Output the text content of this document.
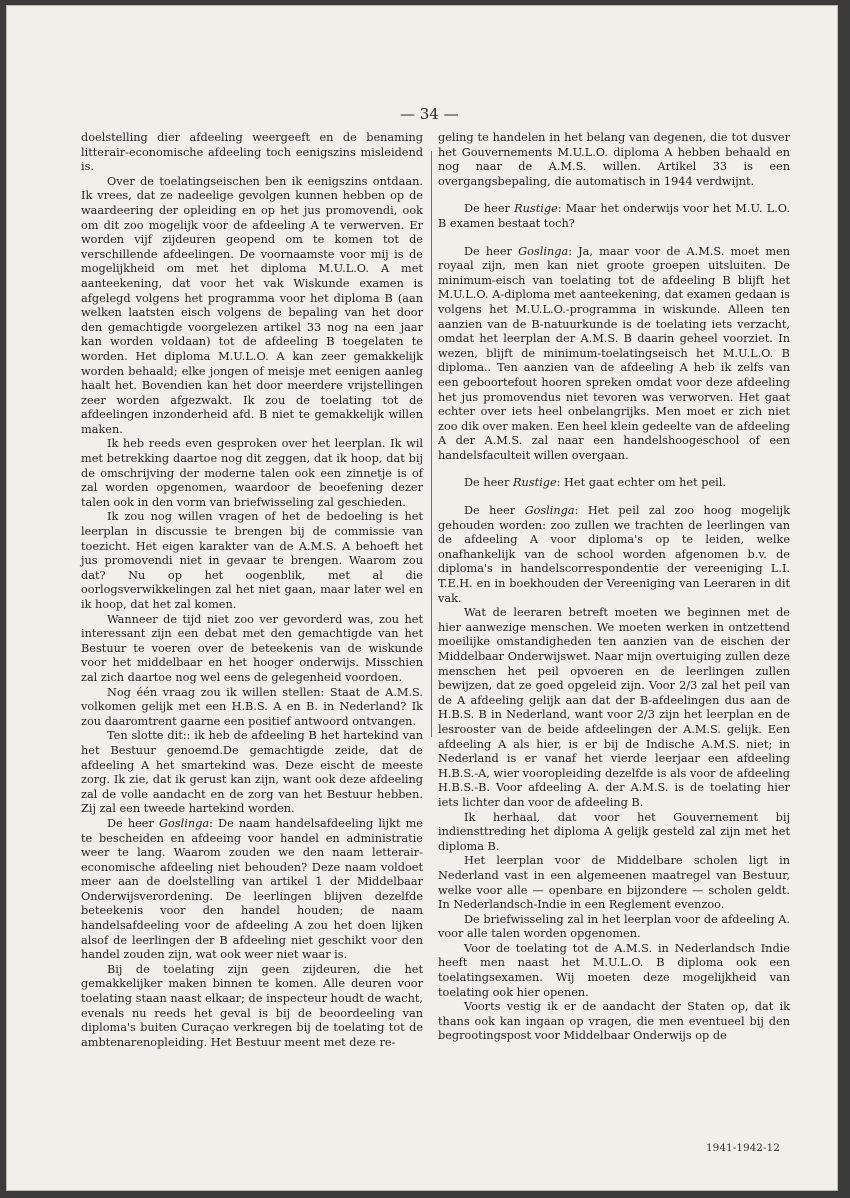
— 34 —

doelstelling dier afdeeling weergeeft en de benaming litterair-economische afdeeling toch eenigszins misleidend is.

Over de toelatingseischen ben ik eenigszins ontdaan. Ik vrees, dat ze nadeelige gevolgen kunnen hebben op de waardeering der opleiding en op het jus promovendi, ook om dit zoo mogelijk voor de afdeeling A te verwerven. Er worden vijf zijdeuren geopend om te komen tot de verschillende afdeelingen. De voornaamste voor mij is de mogelijkheid om met het diploma M.U.L.O. A met aanteekening, dat voor het vak Wiskunde examen is afgelegd volgens het programma voor het diploma B (aan welken laatsten eisch volgens de bepaling van het door den gemachtigde voorgelezen artikel 33 nog na een jaar kan worden voldaan) tot de afdeeling B toegelaten te worden. Het diploma M.U.L.O. A kan zeer gemakkelijk worden behaald; elke jongen of meisje met eenigen aanleg haalt het. Bovendien kan het door meerdere vrijstellingen zeer worden afgezwakt. Ik zou de toelating tot de afdeelingen inzonderheid afd. B niet te gemakkelijk willen maken.

Ik heb reeds even gesproken over het leerplan. Ik wil met betrekking daartoe nog dit zeggen, dat ik hoop, dat bij de omschrijving der moderne talen ook een zinnetje is of zal worden opgenomen, waardoor de beoefening dezer talen ook in den vorm van briefwisseling zal geschieden.

Ik zou nog willen vragen of het de bedoeling is het leerplan in discussie te brengen bij de commissie van toezicht. Het eigen karakter van de A.M.S. A behoeft het jus promovendi niet in gevaar te brengen. Waarom zou dat? Nu op het oogenblik, met al die oorlogsverwikkelingen zal het niet gaan, maar later wel en ik hoop, dat het zal komen.

Wanneer de tijd niet zoo ver gevorderd was, zou het interessant zijn een debat met den gemachtigde van het Bestuur te voeren over de beteekenis van de wiskunde voor het middelbaar en het hooger onderwijs. Misschien zal zich daartoe nog wel eens de gelegenheid voordoen.

Nog één vraag zou ik willen stellen: Staat de A.M.S. volkomen gelijk met een H.B.S. A en B. in Nederland? Ik zou daaromtrent gaarne een positief antwoord ontvangen.

Ten slotte dit:: ik heb de afdeeling B het hartekind van het Bestuur genoemd.De gemachtigde zeide, dat de afdeeling A het smartekind was. Deze eischt de meeste zorg. Ik zie, dat ik gerust kan zijn, want ook deze afdeeling zal de volle aandacht en de zorg van het Bestuur hebben. Zij zal een tweede hartekind worden.

De heer Goslinga: De naam handelsafdeeling lijkt me te bescheiden en afdeeing voor handel en administratie weer te lang. Waarom zouden we den naam letterair-economische afdeeling niet behouden? Deze naam voldoet meer aan de doelstelling van artikel 1 der Middelbaar Onderwijsverordening. De leerlingen blijven dezelfde beteekenis voor den handel houden; de naam handelsafdeeling voor de afdeeling A zou het doen lijken alsof de leerlingen der B afdeeling niet geschikt voor den handel zouden zijn, wat ook weer niet waar is.

Bij de toelating zijn geen zijdeuren, die het gemakkelijker maken binnen te komen. Alle deuren voor toelating staan naast elkaar; de inspecteur houdt de wacht, evenals nu reeds het geval is bij de beoordeeling van diploma's buiten Curaçao verkregen bij de toelating tot de ambtenarenopleiding. Het Bestuur meent met deze re-

geling te handelen in het belang van degenen, die tot dusver het Gouvernements M.U.L.O. diploma A hebben behaald en nog naar de A.M.S. willen. Artikel 33 is een overgangsbepaling, die automatisch in 1944 verdwijnt.

De heer Rustige: Maar het onderwijs voor het M.U. L.O. B examen bestaat toch?

De heer Goslinga: Ja, maar voor de A.M.S. moet men royaal zijn, men kan niet groote groepen uitsluiten. De minimum-eisch van toelating tot de afdeeling B blijft het M.U.L.O. A-diploma met aanteekening, dat examen gedaan is volgens het M.U.L.O.-programma in wiskunde. Alleen ten aanzien van de B-natuurkunde is de toelating iets verzacht, omdat het leerplan der A.M.S. B daarin geheel voorziet. In wezen, blijft de minimum-toelatingseisch het M.U.L.O. B diploma.. Ten aanzien van de afdeeling A heb ik zelfs van een geboortefout hooren spreken omdat voor deze afdeeling het jus promovendus niet tevoren was verworven. Het gaat echter over iets heel onbelangrijks. Men moet er zich niet zoo dik over maken. Een heel klein gedeelte van de afdeeling A der A.M.S. zal naar een handelshoogeschool of een handelsfaculteit willen overgaan.

De heer Rustige: Het gaat echter om het peil.

De heer Goslinga: Het peil zal zoo hoog mogelijk gehouden worden: zoo zullen we trachten de leerlingen van de afdeeling A voor diploma's op te leiden, welke onafhankelijk van de school worden afgenomen b.v. de diploma's in handelscorrespondentie der vereeniging L.I. T.E.H. en in boekhouden der Vereeniging van Leeraren in dit vak.

Wat de leeraren betreft moeten we beginnen met de hier aanwezige menschen. We moeten werken in ontzettend moeilijke omstandigheden ten aanzien van de eischen der Middelbaar Onderwijswet. Naar mijn overtuiging zullen deze menschen het peil opvoeren en de leerlingen zullen bewijzen, dat ze goed opgeleid zijn. Voor 2/3 zal het peil van de A afdeeling gelijk aan dat der B-afdeelingen dus aan de H.B.S. B in Nederland, want voor 2/3 zijn het leerplan en de lesrooster van de beide afdeelingen der A.M.S. gelijk. Een afdeeling A als hier, is er bij de Indische A.M.S. niet; in Nederland is er vanaf het vierde leerjaar een afdeeling H.B.S.-A, wier vooropleiding dezelfde is als voor de afdeeling H.B.S.-B. Voor afdeeling A. der A.M.S. is de toelating hier iets lichter dan voor de afdeeling B.

Ik herhaal, dat voor het Gouvernement bij indiensttreding het diploma A gelijk gesteld zal zijn met het diploma B.

Het leerplan voor de Middelbare scholen ligt in Nederland vast in een algemeenen maatregel van Bestuur, welke voor alle — openbare en bijzondere — scholen geldt. In Nederlandsch-Indie in een Reglement evenzoo.

De briefwisseling zal in het leerplan voor de afdeeling A. voor alle talen worden opgenomen.

Voor de toelating tot de A.M.S. in Nederlandsch Indie heeft men naast het M.U.L.O. B diploma ook een toelatingsexamen. Wij moeten deze mogelijkheid van toelating ook hier openen.

Voorts vestig ik er de aandacht der Staten op, dat ik thans ook kan ingaan op vragen, die men eventueel bij den begrootingspost voor Middelbaar Onderwijs op de

1941-1942-12
